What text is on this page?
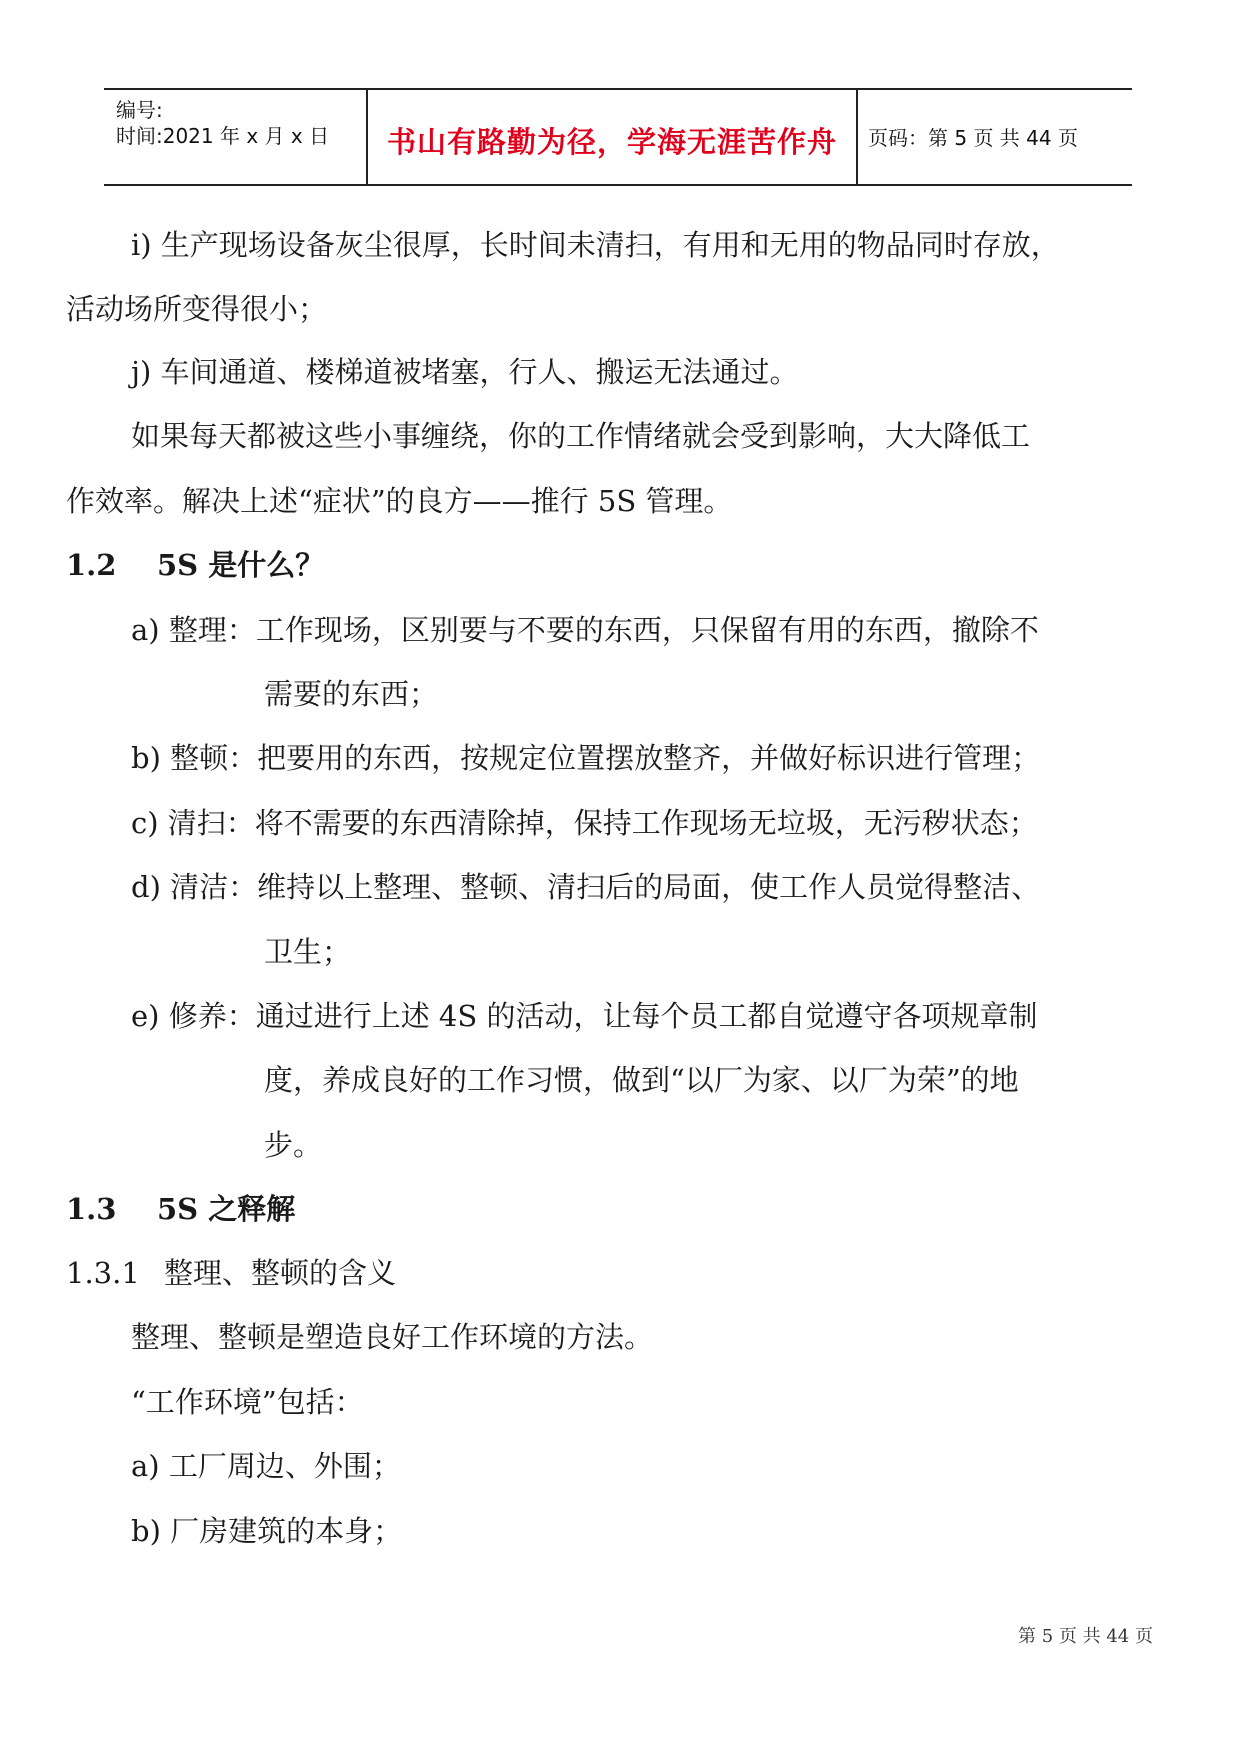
编号:
时间:2021 年 x 月 x 日	书山有路勤为径，学海无涯苦作舟	页码：第 5 页 共 44 页
i) 生产现场设备灰尘很厚，长时间未清扫，有用和无用的物品同时存放，
活动场所变得很小；
j) 车间通道、楼梯道被堵塞，行人、搬运无法通过。
如果每天都被这些小事缠绕，你的工作情绪就会受到影响，大大降低工
作效率。解决上述“症状”的良方——推行 5S 管理。
1.2 5S 是什么？
a) 整理：工作现场，区别要与不要的东西，只保留有用的东西，撤除不
需要的东西；
b) 整顿：把要用的东西，按规定位置摆放整齐，并做好标识进行管理；
c) 清扫：将不需要的东西清除掉，保持工作现场无垃圾，无污秽状态；
d) 清洁：维持以上整理、整顿、清扫后的局面，使工作人员觉得整洁、
卫生；
e) 修养：通过进行上述 4S 的活动，让每个员工都自觉遵守各项规章制
度，养成良好的工作习惯，做到“以厂为家、以厂为荣”的地
步。
1.3 5S 之释解
1.3.1 整理、整顿的含义
整理、整顿是塑造良好工作环境的方法。
“工作环境”包括：
a) 工厂周边、外围；
b) 厂房建筑的本身；
第 5 页 共 44 页
